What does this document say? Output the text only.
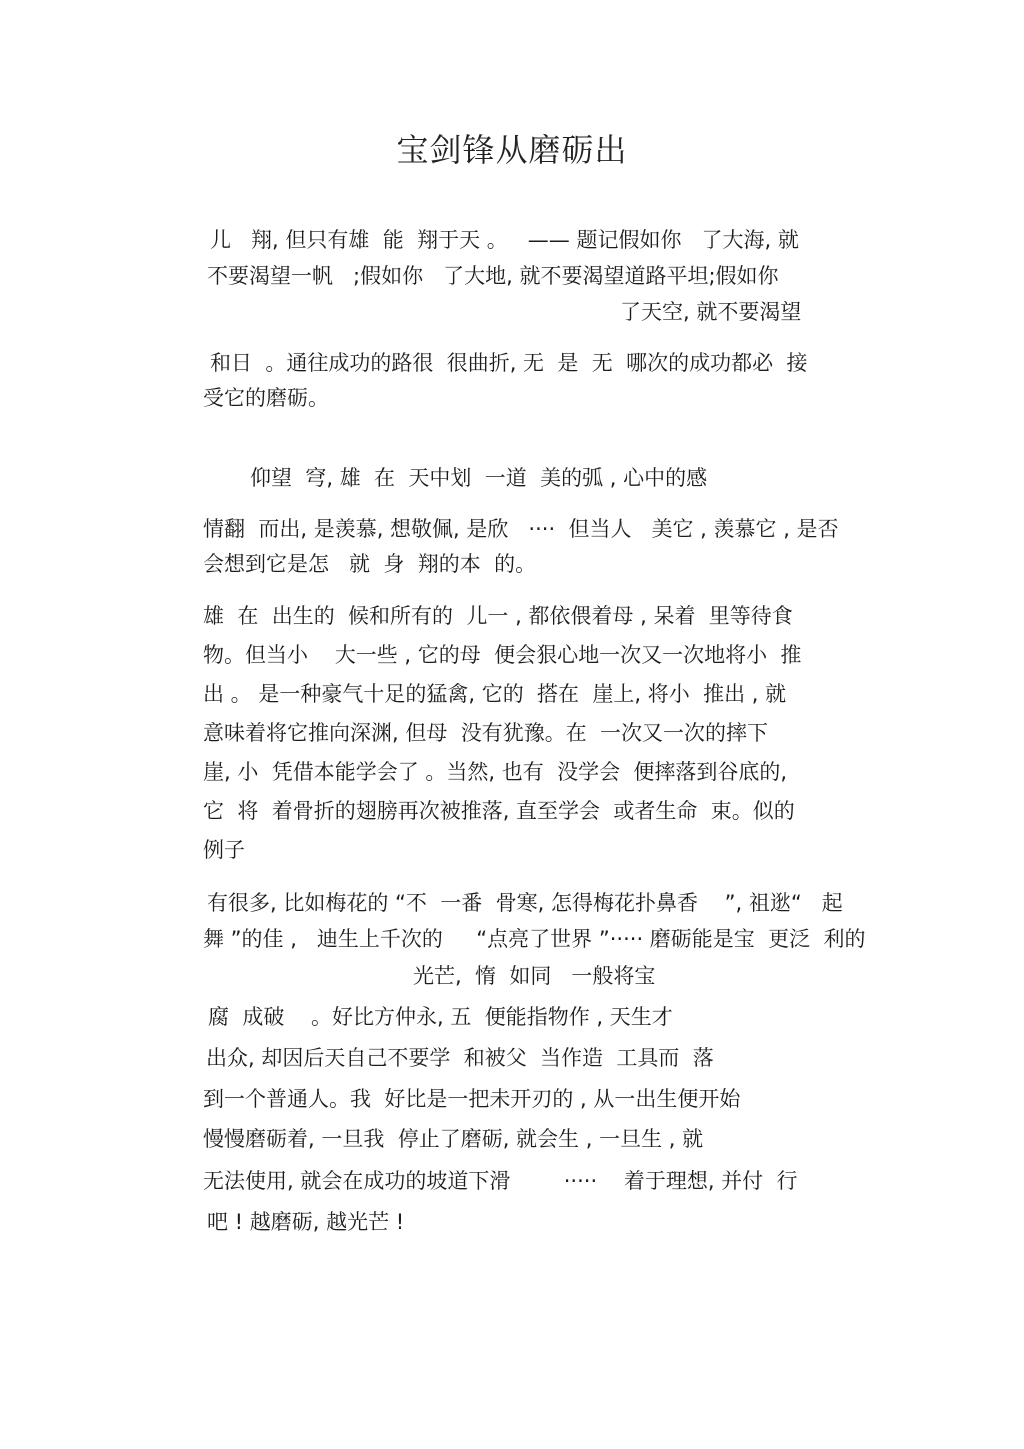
宝剑锋从磨砺出
儿   翔, 但只有雄  能  翔于天 。   —— 题记假如你   了大海, 就
不要渴望一帆   ;假如你   了大地, 就不要渴望道路平坦;假如你
了天空, 就不要渴望
和日  。通往成功的路很  很曲折, 无  是  无  哪次的成功都必  接
受它的磨砺。
仰望  穹, 雄  在  天中划  一道  美的弧 , 心中的感
情翻  而出, 是羡慕, 想敬佩, 是欣   ····  但当人   美它 , 羡慕它 , 是否
会想到它是怎   就  身  翔的本  的。
雄  在  出生的  候和所有的  儿一 , 都依偎着母 , 呆着  里等待食
物。但当小    大一些 , 它的母  便会狠心地一次又一次地将小  推
出 。 是一种豪气十足的猛禽, 它的  搭在  崖上, 将小  推出 , 就
意味着将它推向深渊, 但母  没有犹豫。在  一次又一次的摔下
崖, 小  凭借本能学会了 。当然, 也有  没学会  便摔落到谷底的,
它  将  着骨折的翅膀再次被推落, 直至学会  或者生命  束。似的
例子
有很多, 比如梅花的 “不  一番  骨寒, 怎得梅花扑鼻香    ”, 祖逖“   起
舞 ”的佳 ,   迪生上千次的     “点亮了世界 ”····· 磨砺能是宝  更泛  利的
光芒,  惰  如同   一般将宝
腐  成破    。好比方仲永, 五  便能指物作 , 天生才
出众, 却因后天自己不要学  和被父  当作造  工具而  落
到一个普通人。我  好比是一把未开刃的 , 从一出生便开始
慢慢磨砺着, 一旦我  停止了磨砺, 就会生 , 一旦生 , 就
无法使用, 就会在成功的坡道下滑        ·····    着于理想, 并付  行
吧 ! 越磨砺, 越光芒 !
